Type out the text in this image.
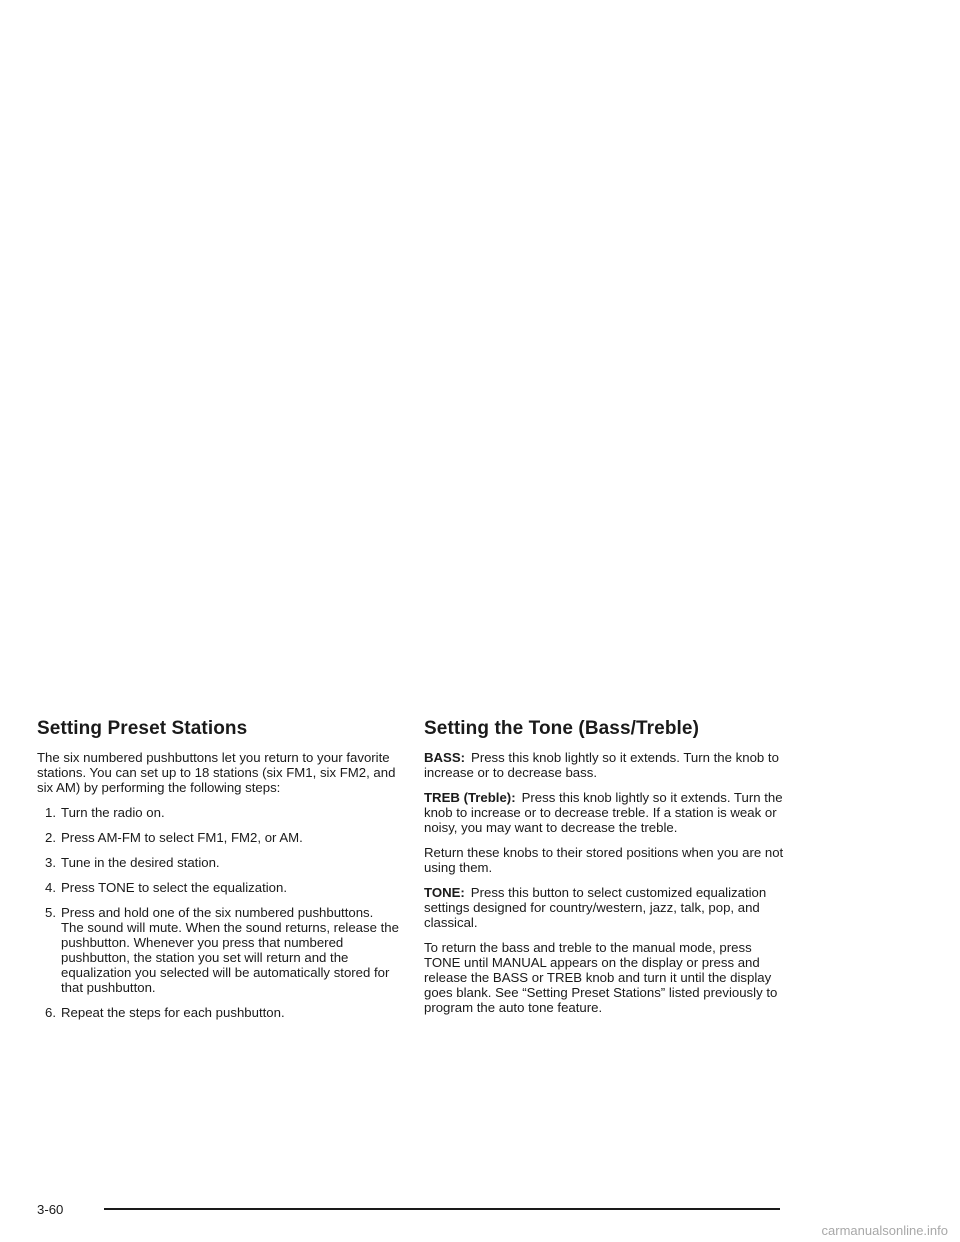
Setting Preset Stations

The six numbered pushbuttons let you return to your favorite stations. You can set up to 18 stations (six FM1, six FM2, and six AM) by performing the following steps:

1. Turn the radio on.
2. Press AM-FM to select FM1, FM2, or AM.
3. Tune in the desired station.
4. Press TONE to select the equalization.
5. Press and hold one of the six numbered pushbuttons. The sound will mute. When the sound returns, release the pushbutton. Whenever you press that numbered pushbutton, the station you set will return and the equalization you selected will be automatically stored for that pushbutton.
6. Repeat the steps for each pushbutton.
Setting the Tone (Bass/Treble)

BASS: Press this knob lightly so it extends. Turn the knob to increase or to decrease bass.

TREB (Treble): Press this knob lightly so it extends. Turn the knob to increase or to decrease treble. If a station is weak or noisy, you may want to decrease the treble.

Return these knobs to their stored positions when you are not using them.

TONE: Press this button to select customized equalization settings designed for country/western, jazz, talk, pop, and classical.

To return the bass and treble to the manual mode, press TONE until MANUAL appears on the display or press and release the BASS or TREB knob and turn it until the display goes blank. See “Setting Preset Stations” listed previously to program the auto tone feature.

3-60
carmanualsonline.info
